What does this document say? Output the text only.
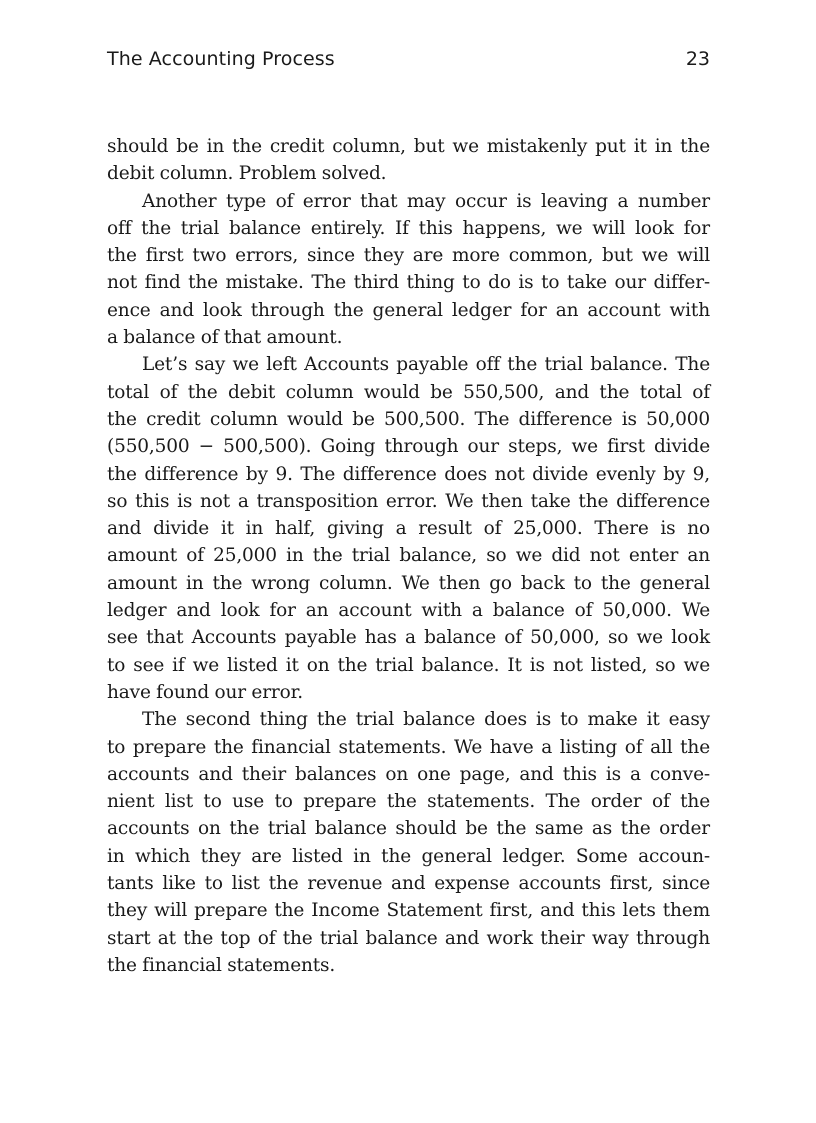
The Accounting Process	23
should be in the credit column, but we mistakenly put it in the
debit column. Problem solved.
Another type of error that may occur is leaving a number
off the trial balance entirely. If this happens, we will look for
the first two errors, since they are more common, but we will
not find the mistake. The third thing to do is to take our differ-
ence and look through the general ledger for an account with
a balance of that amount.
Let’s say we left Accounts payable off the trial balance. The
total of the debit column would be 550,500, and the total of
the credit column would be 500,500. The difference is 50,000
(550,500 − 500,500). Going through our steps, we first divide
the difference by 9. The difference does not divide evenly by 9,
so this is not a transposition error. We then take the difference
and divide it in half, giving a result of 25,000. There is no
amount of 25,000 in the trial balance, so we did not enter an
amount in the wrong column. We then go back to the general
ledger and look for an account with a balance of 50,000. We
see that Accounts payable has a balance of 50,000, so we look
to see if we listed it on the trial balance. It is not listed, so we
have found our error.
The second thing the trial balance does is to make it easy
to prepare the financial statements. We have a listing of all the
accounts and their balances on one page, and this is a conve-
nient list to use to prepare the statements. The order of the
accounts on the trial balance should be the same as the order
in which they are listed in the general ledger. Some accoun-
tants like to list the revenue and expense accounts first, since
they will prepare the Income Statement first, and this lets them
start at the top of the trial balance and work their way through
the financial statements.
